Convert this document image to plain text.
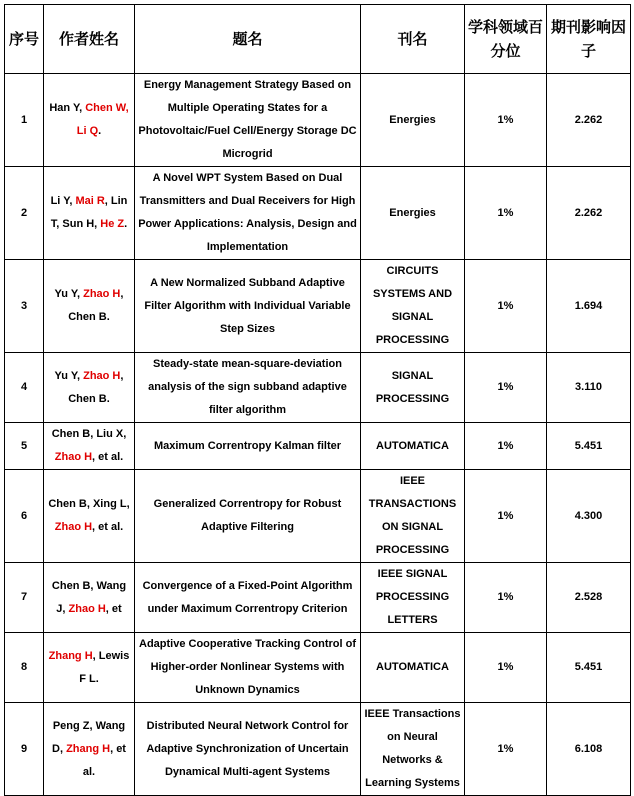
序号	作者姓名	题名	刊名	学科领域百分位	期刊影响因子
1	Han Y, Chen W, Li Q.	Energy Management Strategy Based on Multiple Operating States for a Photovoltaic/Fuel Cell/Energy Storage DC Microgrid	Energies	1%	2.262
2	Li Y, Mai R, Lin T, Sun H, He Z.	A Novel WPT System Based on Dual Transmitters and Dual Receivers for High Power Applications: Analysis, Design and Implementation	Energies	1%	2.262
3	Yu Y, Zhao H, Chen B.	A New Normalized Subband Adaptive Filter Algorithm with Individual Variable Step Sizes	CIRCUITS SYSTEMS AND SIGNAL PROCESSING	1%	1.694
4	Yu Y, Zhao H, Chen B.	Steady-state mean-square-deviation analysis of the sign subband adaptive filter algorithm	SIGNAL PROCESSING	1%	3.110
5	Chen B, Liu X, Zhao H, et al.	Maximum Correntropy Kalman filter	AUTOMATICA	1%	5.451
6	Chen B, Xing L, Zhao H, et al.	Generalized Correntropy for Robust Adaptive Filtering	IEEE TRANSACTIONS ON SIGNAL PROCESSING	1%	4.300
7	Chen B, Wang J, Zhao H, et	Convergence of a Fixed-Point Algorithm under Maximum Correntropy Criterion	IEEE SIGNAL PROCESSING LETTERS	1%	2.528
8	Zhang H, Lewis F L.	Adaptive Cooperative Tracking Control of Higher-order Nonlinear Systems with Unknown Dynamics	AUTOMATICA	1%	5.451
9	Peng Z, Wang D, Zhang H, et al.	Distributed Neural Network Control for Adaptive Synchronization of Uncertain Dynamical Multi-agent Systems	IEEE Transactions on Neural Networks & Learning Systems	1%	6.108
